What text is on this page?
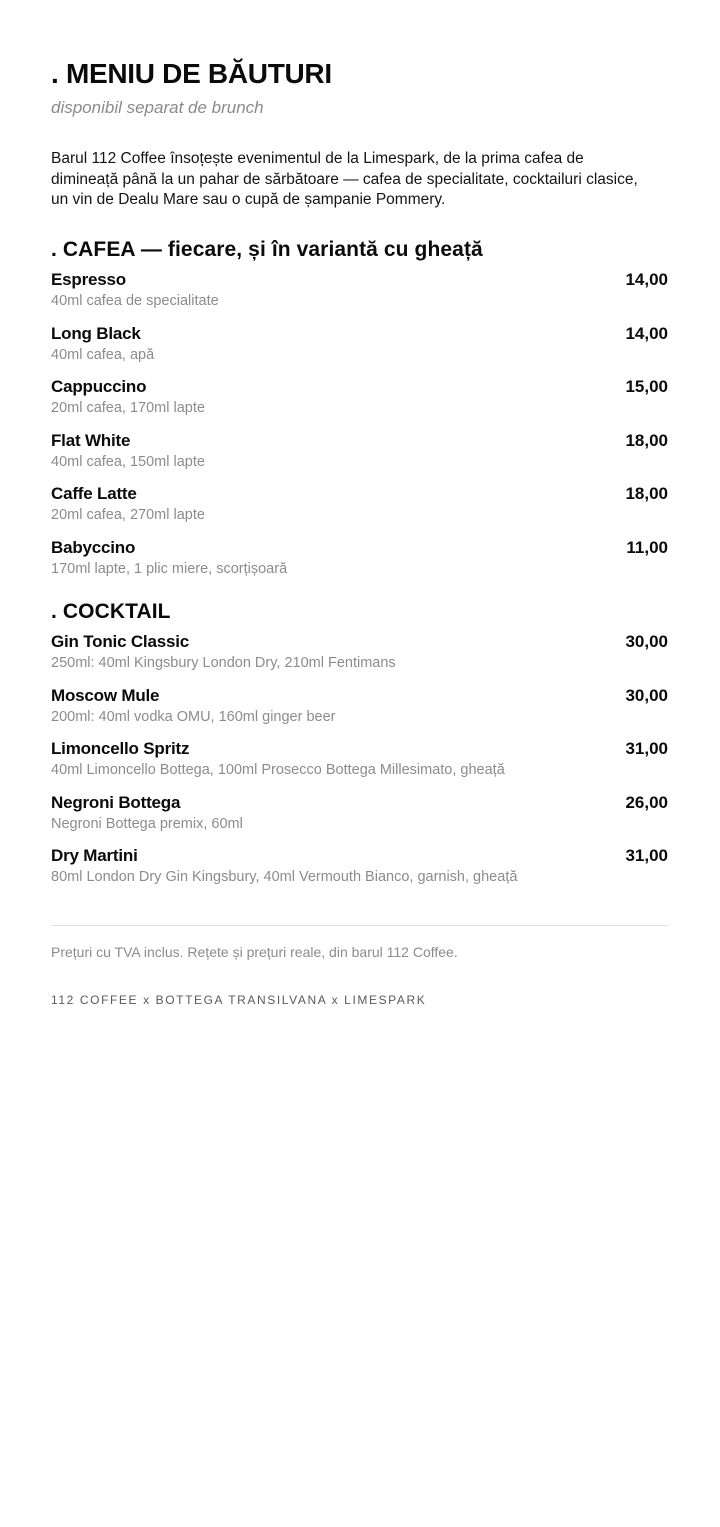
. MENIU DE BĂUTURI

disponibil separat de brunch

Barul 112 Coffee însoțește evenimentul de la Limespark, de la prima cafea de dimineață până la un pahar de sărbătoare — cafea de specialitate, cocktailuri clasice, un vin de Dealu Mare sau o cupă de șampanie Pommery.

. CAFEA — fiecare, și în variantă cu gheață
Espresso	14,00
40ml cafea de specialitate
Long Black	14,00
40ml cafea, apă
Cappuccino	15,00
20ml cafea, 170ml lapte
Flat White	18,00
40ml cafea, 150ml lapte
Caffe Latte	18,00
20ml cafea, 270ml lapte
Babyccino	11,00
170ml lapte, 1 plic miere, scorțișoară
. COCKTAIL
Gin Tonic Classic	30,00
250ml: 40ml Kingsbury London Dry, 210ml Fentimans
Moscow Mule	30,00
200ml: 40ml vodka OMU, 160ml ginger beer
Limoncello Spritz	31,00
40ml Limoncello Bottega, 100ml Prosecco Bottega Millesimato, gheață
Negroni Bottega	26,00
Negroni Bottega premix, 60ml
Dry Martini	31,00
80ml London Dry Gin Kingsbury, 40ml Vermouth Bianco, garnish, gheață

Prețuri cu TVA inclus. Rețete și prețuri reale, din barul 112 Coffee.

112 COFFEE x BOTTEGA TRANSILVANA x LIMESPARK
